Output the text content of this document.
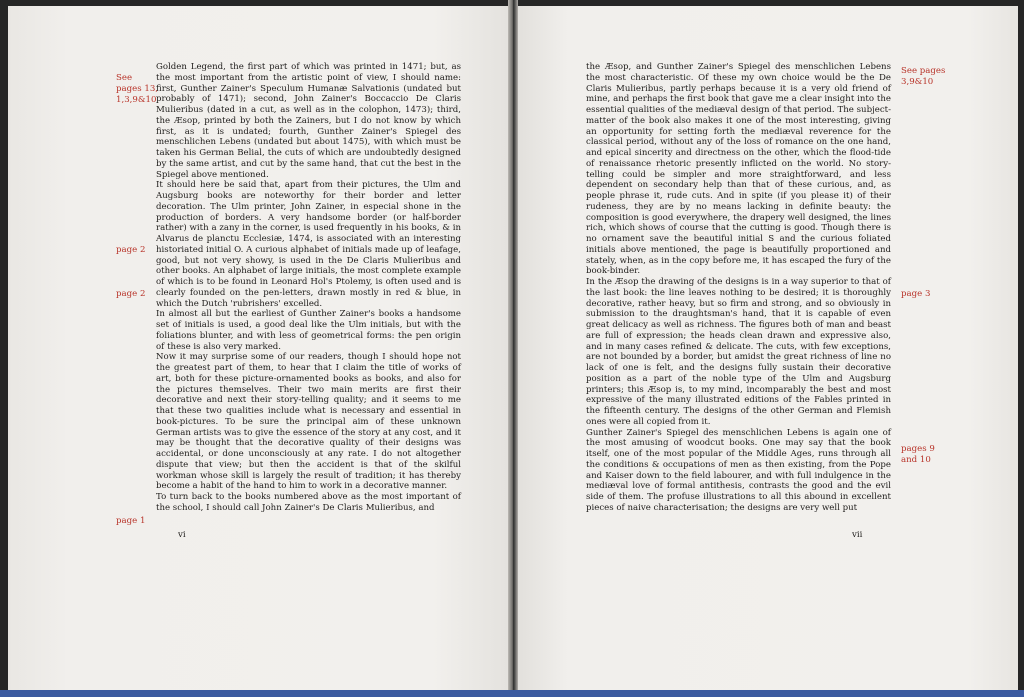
Golden Legend, the first part of which was printed in 1471; but, as the most important from the artistic point of view, I should name: first, Gunther Zainer's Speculum Humanæ Salvationis (undated but probably of 1471); second, John Zainer's Boccaccio De Claris Mulieribus (dated in a cut, as well as in the colophon, 1473); third, the Æsop, printed by both the Zainers, but I do not know by which first, as it is undated; fourth, Gunther Zainer's Spiegel des menschlichen Lebens (undated but about 1475), with which must be taken his German Belial, the cuts of which are undoubtedly designed by the same artist, and cut by the same hand, that cut the best in the Spiegel above mentioned.

It should here be said that, apart from their pictures, the Ulm and Augsburg books are noteworthy for their border and letter decoration. The Ulm printer, John Zainer, in especial shone in the production of borders. A very handsome border (or half-border rather) with a zany in the corner, is used frequently in his books, & in Alvarus de planctu Ecclesiæ, 1474, is associated with an interesting historiated initial O. A curious alphabet of initials made up of leafage, good, but not very showy, is used in the De Claris Mulieribus and other books. An alphabet of large initials, the most complete example of which is to be found in Leonard Hol's Ptolemy, is often used and is clearly founded on the pen-letters, drawn mostly in red & blue, in which the Dutch 'rubrishers' excelled.

In almost all but the earliest of Gunther Zainer's books a handsome set of initials is used, a good deal like the Ulm initials, but with the foliations blunter, and with less of geometrical forms: the pen origin of these is also very marked.

Now it may surprise some of our readers, though I should hope not the greatest part of them, to hear that I claim the title of works of art, both for these picture-ornamented books as books, and also for the pictures themselves. Their two main merits are first their decorative and next their story-telling quality; and it seems to me that these two qualities include what is necessary and essential in book-pictures. To be sure the principal aim of these unknown German artists was to give the essence of the story at any cost, and it may be thought that the decorative quality of their designs was accidental, or done unconsciously at any rate. I do not altogether dispute that view; but then the accident is that of the skilful workman whose skill is largely the result of tradition; it has thereby become a habit of the hand to him to work in a decorative manner.

To turn back to the books numbered above as the most important of the school, I should call John Zainer's De Claris Mulieribus, and

See
pages 13,
1,3,9&10
page 2
page 2
page 1
vi

the Æsop, and Gunther Zainer's Spiegel des menschlichen Lebens the most characteristic. Of these my own choice would be the De Claris Mulieribus, partly perhaps because it is a very old friend of mine, and perhaps the first book that gave me a clear insight into the essential qualities of the mediæval design of that period. The subject-matter of the book also makes it one of the most interesting, giving an opportunity for setting forth the mediæval reverence for the classical period, without any of the loss of romance on the one hand, and epical sincerity and directness on the other, which the flood-tide of renaissance rhetoric presently inflicted on the world. No story-telling could be simpler and more straightforward, and less dependent on secondary help than that of these curious, and, as people phrase it, rude cuts. And in spite (if you please it) of their rudeness, they are by no means lacking in definite beauty: the composition is good everywhere, the drapery well designed, the lines rich, which shows of course that the cutting is good. Though there is no ornament save the beautiful initial S and the curious foliated initials above mentioned, the page is beautifully proportioned and stately, when, as in the copy before me, it has escaped the fury of the book-binder.

In the Æsop the drawing of the designs is in a way superior to that of the last book: the line leaves nothing to be desired; it is thoroughly decorative, rather heavy, but so firm and strong, and so obviously in submission to the draughtsman's hand, that it is capable of even great delicacy as well as richness. The figures both of man and beast are full of expression; the heads clean drawn and expressive also, and in many cases refined & delicate. The cuts, with few exceptions, are not bounded by a border, but amidst the great richness of line no lack of one is felt, and the designs fully sustain their decorative position as a part of the noble type of the Ulm and Augsburg printers; this Æsop is, to my mind, incomparably the best and most expressive of the many illustrated editions of the Fables printed in the fifteenth century. The designs of the other German and Flemish ones were all copied from it.

Gunther Zainer's Spiegel des menschlichen Lebens is again one of the most amusing of woodcut books. One may say that the book itself, one of the most popular of the Middle Ages, runs through all the conditions & occupations of men as then existing, from the Pope and Kaiser down to the field labourer, and with full indulgence in the mediæval love of formal antithesis, contrasts the good and the evil side of them. The profuse illustrations to all this abound in excellent pieces of naive characterisation; the designs are very well put

See pages
3,9&10
page 3
pages 9
and 10
vii
